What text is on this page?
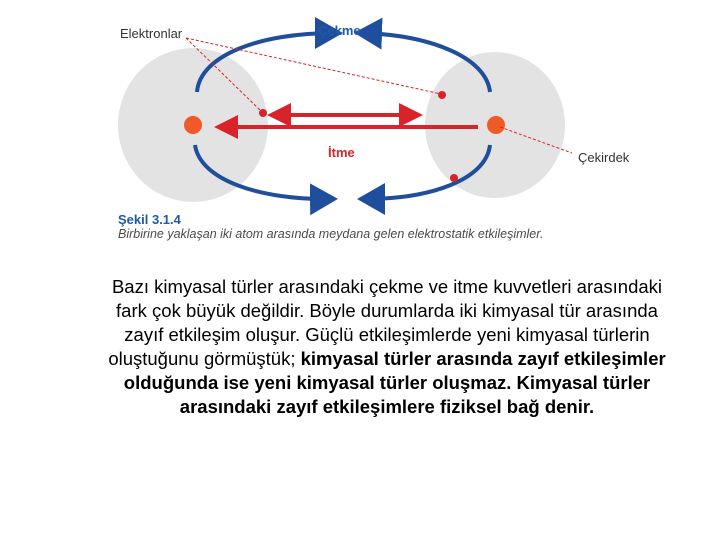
Elektronlar	Çekme
İtme	Çekirdek
Şekil 3.1.4
Birbirine yaklaşan iki atom arasında meydana gelen elektrostatik etkileşimler.
Bazı kimyasal türler arasındaki çekme ve itme kuvvetleri arasındaki fark çok büyük değildir. Böyle durumlarda iki kimyasal tür arasında zayıf etkileşim oluşur. Güçlü etkileşimlerde yeni kimyasal türlerin oluştuğunu görmüştük; kimyasal türler arasında zayıf etkileşimler olduğunda ise yeni kimyasal türler oluşmaz. Kimyasal türler arasındaki zayıf etkileşimlere fiziksel bağ denir.
